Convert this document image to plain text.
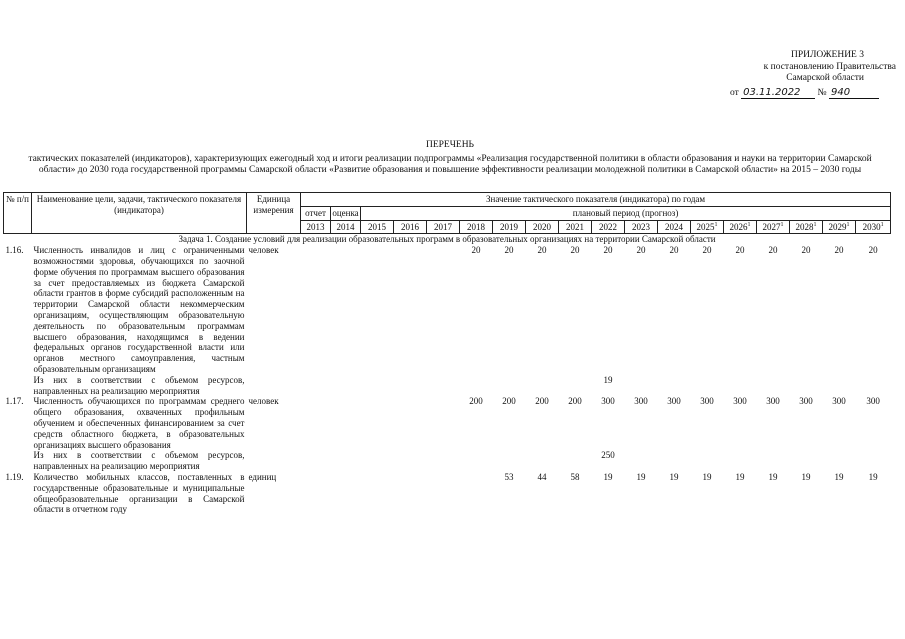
ПРИЛОЖЕНИЕ 3
к постановлению Правительства
Самарской области
от 03.11.2022 № 940
ПЕРЕЧЕНЬ
тактических показателей (индикаторов), характеризующих ежегодный ход и итоги реализации подпрограммы «Реализация государственной политики в области образования и науки на территории Самарской области» до 2030 года государственной программы Самарской области «Развитие образования и повышение эффективности реализации молодежной политики в Самарской области» на 2015 – 2030 годы
№ п/п	Наименование цели, задачи, тактического показателя (индикатора)	Единица измерения	Значение тактического показателя (индикатора) по годам																	
			отчет	оценка	плановый период (прогноз)															
			2013	2014	2015	2016	2017	2018	2019	2020	2021	2022	2023	2024	2025$^1$	2026$^1$	2027$^1$	2028$^1$	2029$^1$	2030$^1$
Задача 1. Создание условий для реализации образовательных программ в образовательных организациях на территории Самарской области																				
1.16.	Численность инвалидов и лиц с ограниченными возможностями здоровья, обучающихся по заочной форме обучения по программам высшего образования за счет предоставляемых из бюджета Самарской области грантов в форме субсидий расположенным на территории Самарской области некоммерческим организациям, осуществляющим образовательную деятельность по образовательным программам высшего образования, находящимся в ведении федеральных органов государственной власти или органов местного самоуправления, частным образовательным организациям	человек						20	20	20	20	20	20	20	20	20	20	20	20	20
	Из них в соответствии с объемом ресурсов, направленных на реализацию мероприятия											19								
1.17.	Численность обучающихся по программам среднего общего образования, охваченных профильным обучением и обеспеченных финансированием за счет средств областного бюджета, в образовательных организациях высшего образования	человек						200	200	200	200	300	300	300	300	300	300	300	300	300
	Из них в соответствии с объемом ресурсов, направленных на реализацию мероприятия											250								
1.19.	Количество мобильных классов, поставленных в государственные образовательные и муниципальные общеобразовательные организации в Самарской области в отчетном году	единиц							53	44	58	19	19	19	19	19	19	19	19	19
